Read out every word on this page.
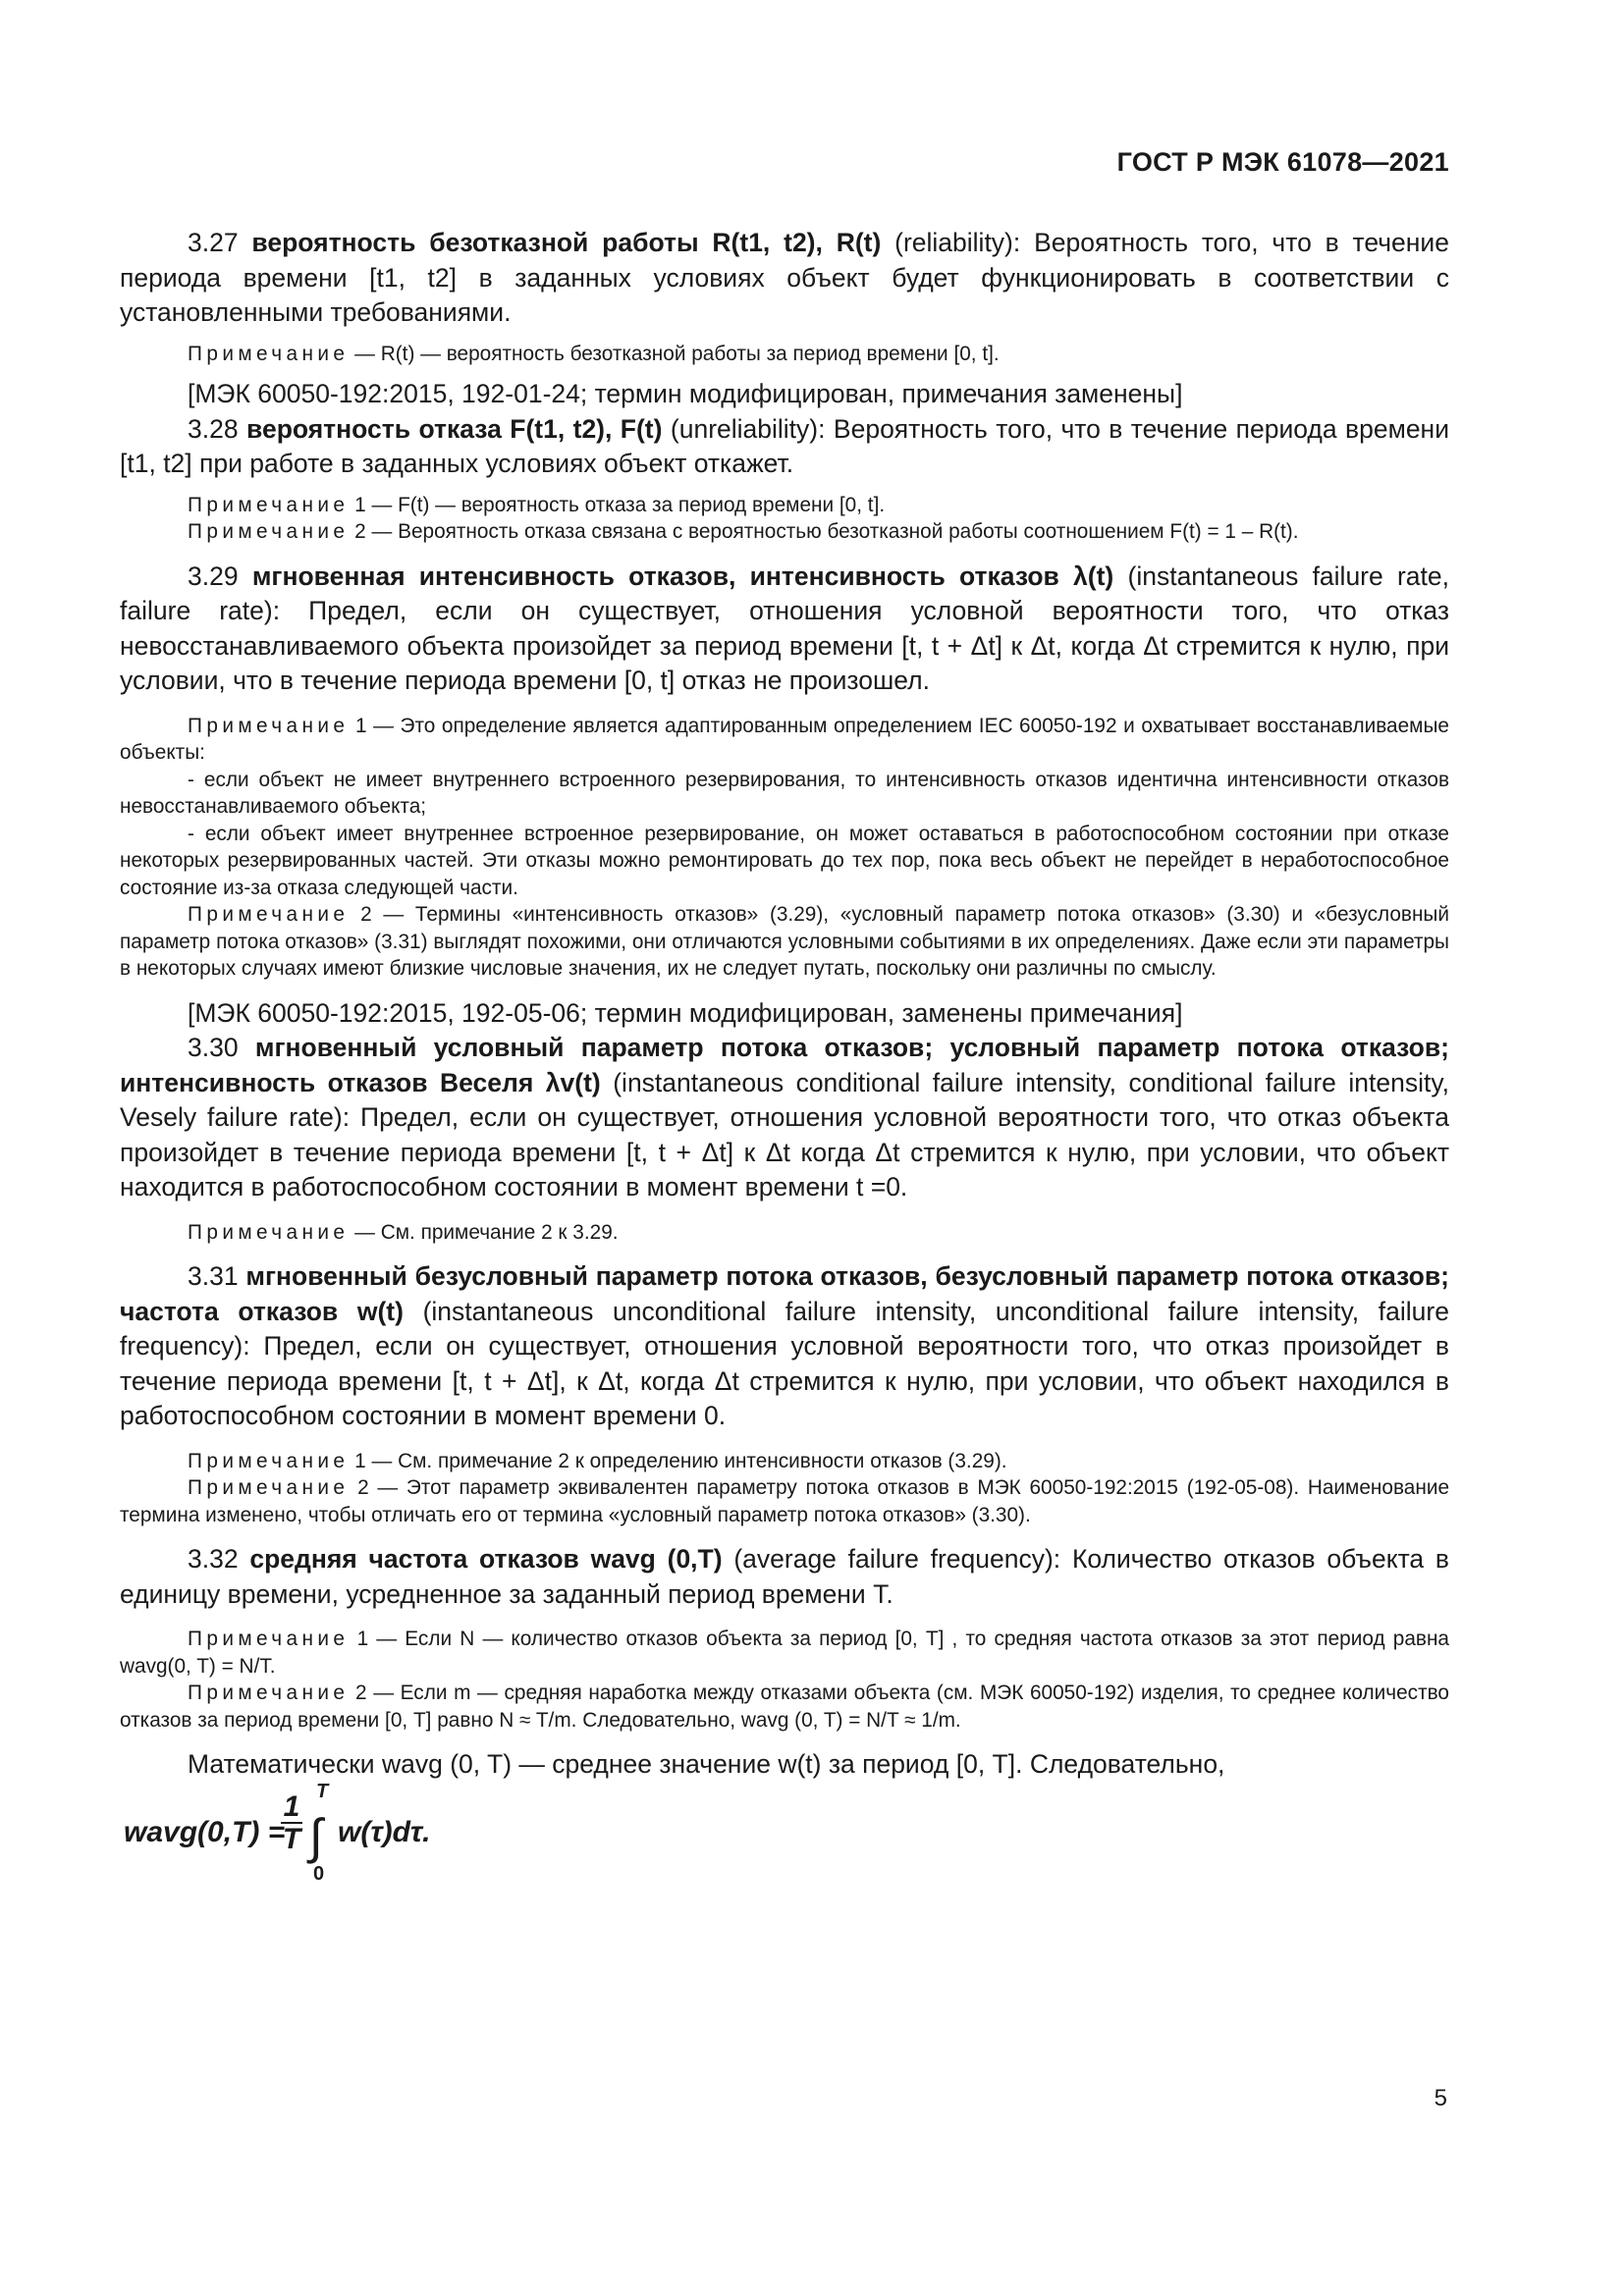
ГОСТ Р МЭК 61078—2021

3.27 вероятность безотказной работы R(t1, t2), R(t) (reliability): Вероятность того, что в течение периода времени [t1, t2] в заданных условиях объект будет функционировать в соответствии с установленными требованиями.

Примечание — R(t) — вероятность безотказной работы за период времени [0, t].

[МЭК 60050-192:2015, 192-01-24; термин модифицирован, примечания заменены]

3.28 вероятность отказа F(t1, t2), F(t) (unreliability): Вероятность того, что в течение периода времени [t1, t2] при работе в заданных условиях объект откажет.

Примечание 1 — F(t) — вероятность отказа за период времени [0, t].

Примечание 2 — Вероятность отказа связана с вероятностью безотказной работы соотношением F(t) = 1 – R(t).

3.29 мгновенная интенсивность отказов, интенсивность отказов λ(t) (instantaneous failure rate, failure rate): Предел, если он существует, отношения условной вероятности того, что отказ невосстанавливаемого объекта произойдет за период времени [t, t + Δt] к Δt, когда Δt стремится к нулю, при условии, что в течение периода времени [0, t] отказ не произошел.

Примечание 1 — Это определение является адаптированным определением IEC 60050-192 и охватывает восстанавливаемые объекты:

- если объект не имеет внутреннего встроенного резервирования, то интенсивность отказов идентична интенсивности отказов невосстанавливаемого объекта;

- если объект имеет внутреннее встроенное резервирование, он может оставаться в работоспособном состоянии при отказе некоторых резервированных частей. Эти отказы можно ремонтировать до тех пор, пока весь объект не перейдет в неработоспособное состояние из-за отказа следующей части.

Примечание 2 — Термины «интенсивность отказов» (3.29), «условный параметр потока отказов» (3.30) и «безусловный параметр потока отказов» (3.31) выглядят похожими, они отличаются условными событиями в их определениях. Даже если эти параметры в некоторых случаях имеют близкие числовые значения, их не следует путать, поскольку они различны по смыслу.

[МЭК 60050-192:2015, 192-05-06; термин модифицирован, заменены примечания]

3.30 мгновенный условный параметр потока отказов; условный параметр потока отказов; интенсивность отказов Веселя λv(t) (instantaneous conditional failure intensity, conditional failure intensity, Vesely failure rate): Предел, если он существует, отношения условной вероятности того, что отказ объекта произойдет в течение периода времени [t, t + Δt] к Δt когда Δt стремится к нулю, при условии, что объект находится в работоспособном состоянии в момент времени t =0.

Примечание — См. примечание 2 к 3.29.

3.31 мгновенный безусловный параметр потока отказов, безусловный параметр потока отказов; частота отказов w(t) (instantaneous unconditional failure intensity, unconditional failure intensity, failure frequency): Предел, если он существует, отношения условной вероятности того, что отказ произойдет в течение периода времени [t, t + Δt], к Δt, когда Δt стремится к нулю, при условии, что объект находился в работоспособном состоянии в момент времени 0.

Примечание 1 — См. примечание 2 к определению интенсивности отказов (3.29).

Примечание 2 — Этот параметр эквивалентен параметру потока отказов в МЭК 60050-192:2015 (192-05-08). Наименование термина изменено, чтобы отличать его от термина «условный параметр потока отказов» (3.30).

3.32 средняя частота отказов wavg (0,T) (average failure frequency): Количество отказов объекта в единицу времени, усредненное за заданный период времени T.

Примечание 1 — Если N — количество отказов объекта за период [0, T] , то средняя частота отказов за этот период равна wavg(0, T) = N/T.

Примечание 2 — Если m — средняя наработка между отказами объекта (см. МЭК 60050-192) изделия, то среднее количество отказов за период времени [0, T] равно N ≈ T/m. Следовательно, wavg (0, T) = N/T ≈ 1/m.

Математически wavg (0, T) — среднее значение w(t) за период [0, T]. Следовательно,

wavg(0,T) =
$\frac{1}{T}$
T
∫
0
w(τ)dτ.
5
